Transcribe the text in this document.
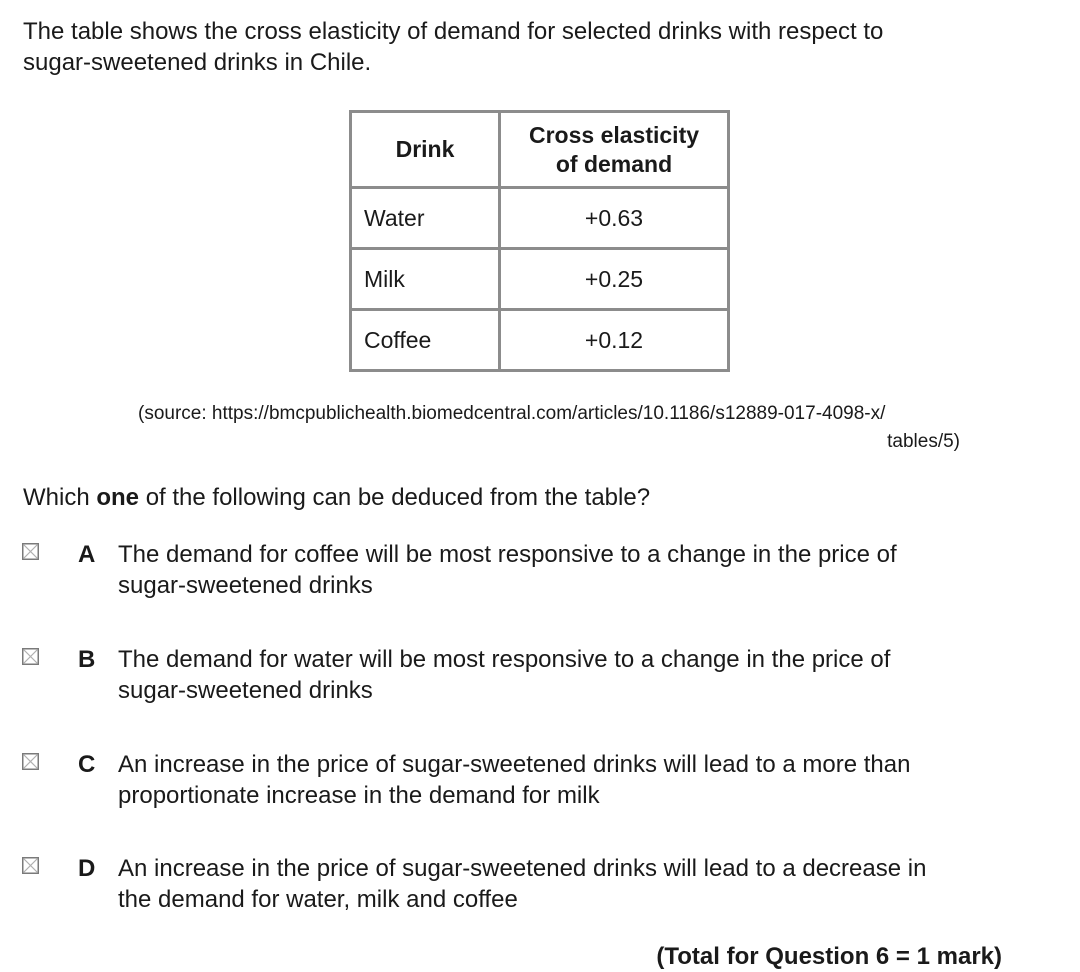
The table shows the cross elasticity of demand for selected drinks with respect to
sugar-sweetened drinks in Chile.
Drink	Cross elasticity
of demand
Water	+0.63
Milk	+0.25
Coffee	+0.12
(source: https://bmcpublichealth.biomedcentral.com/articles/10.1186/s12889-017-4098-x/
tables/5)
Which one of the following can be deduced from the table?
A The demand for coffee will be most responsive to a change in the price of
sugar-sweetened drinks
B The demand for water will be most responsive to a change in the price of
sugar-sweetened drinks
C An increase in the price of sugar-sweetened drinks will lead to a more than
proportionate increase in the demand for milk
D An increase in the price of sugar-sweetened drinks will lead to a decrease in
the demand for water, milk and coffee
(Total for Question 6 = 1 mark)
